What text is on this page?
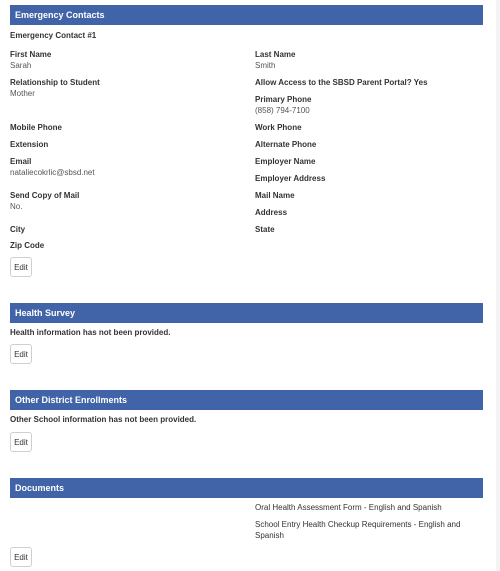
Emergency Contacts
Emergency Contact #1
First Name
Sarah
Relationship to Student
Mother
Mobile Phone
Extension
Email
nataliecokrlic@sbsd.net
Send Copy of Mail
No.
City
Zip Code
Last Name
Smith
Allow Access to the SBSD Parent Portal? Yes
Primary Phone
(858) 794-7100
Work Phone
Alternate Phone
Employer Name
Employer Address
Mail Name
Address
State
Edit
Health Survey
Health information has not been provided.
Edit
Other District Enrollments
Other School information has not been provided.
Edit
Documents
Oral Health Assessment Form - English and Spanish
School Entry Health Checkup Requirements - English and
Spanish
Edit
